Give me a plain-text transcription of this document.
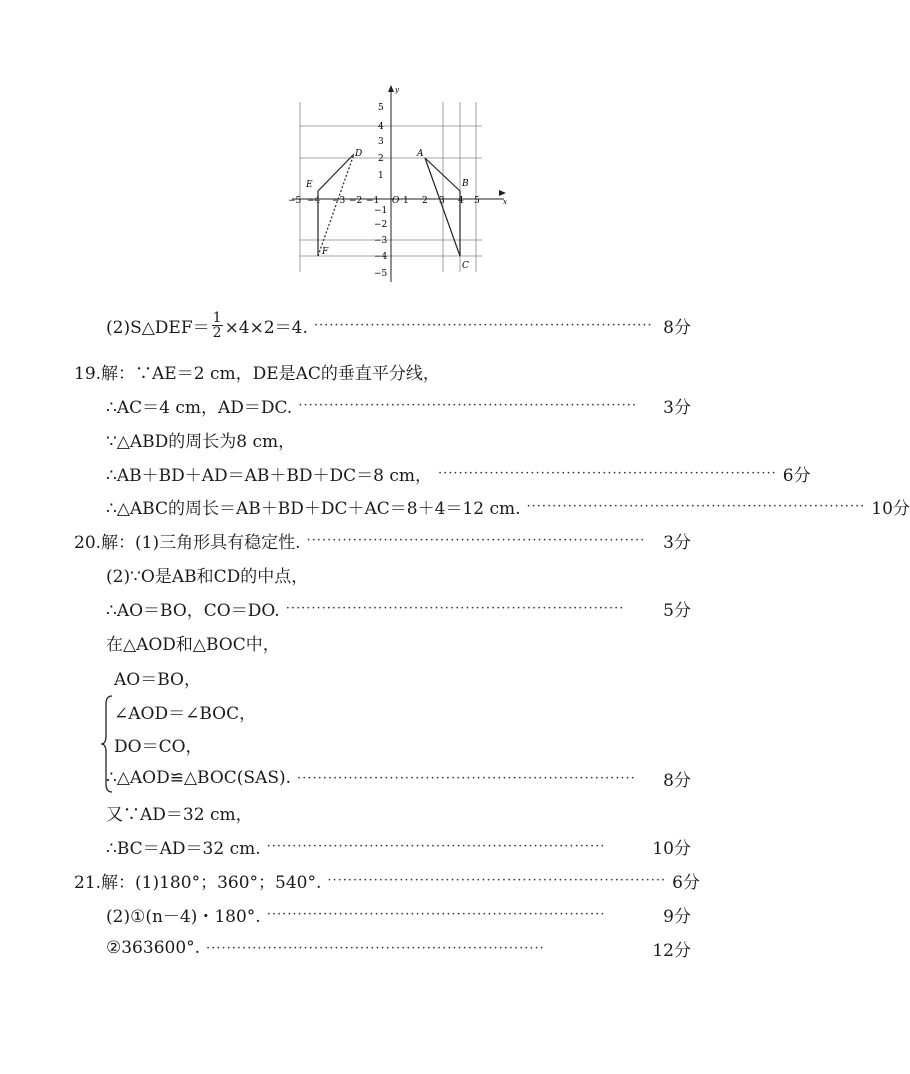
x
y
O
−5 −4 −3 −2 −1	1 2 3 4 5
5
4
3
2
1
−1
−2
−3
−4
−5
A
B
C
D
E
F
(2)S△DEF＝ $\frac{1}{2} \times 4\times 2=4$. ·································································· 8分
19.解：∵AE＝2 cm，DE是AC的垂直平分线，
∴AC＝4 cm，AD＝DC. ··································································	3分
∵△ABD的周长为8 cm，
∴AB＋BD＋AD＝AB＋BD＋DC＝8 cm， ·································································· 6分
∴△ABC的周长＝AB＋BD＋DC＋AC＝8＋4＝12 cm. ·································································· 10分
20.解：(1)三角形具有稳定性. ··································································	3分
(2)∵O是AB和CD的中点，
∴AO＝BO，CO＝DO. ··································································	5分
在△AOD和△BOC中，
AO＝BO，
∠AOD＝∠BOC，
DO＝CO，
∴△AOD≌△BOC(SAS). ··································································	8分
又∵AD＝32 cm，
∴BC＝AD＝32 cm. ··································································	10分
21.解：(1)180°；360°；540°. ·································································· 6分
(2)①(n－4)・180°. ··································································	9分
②363600°. ··································································	12分
